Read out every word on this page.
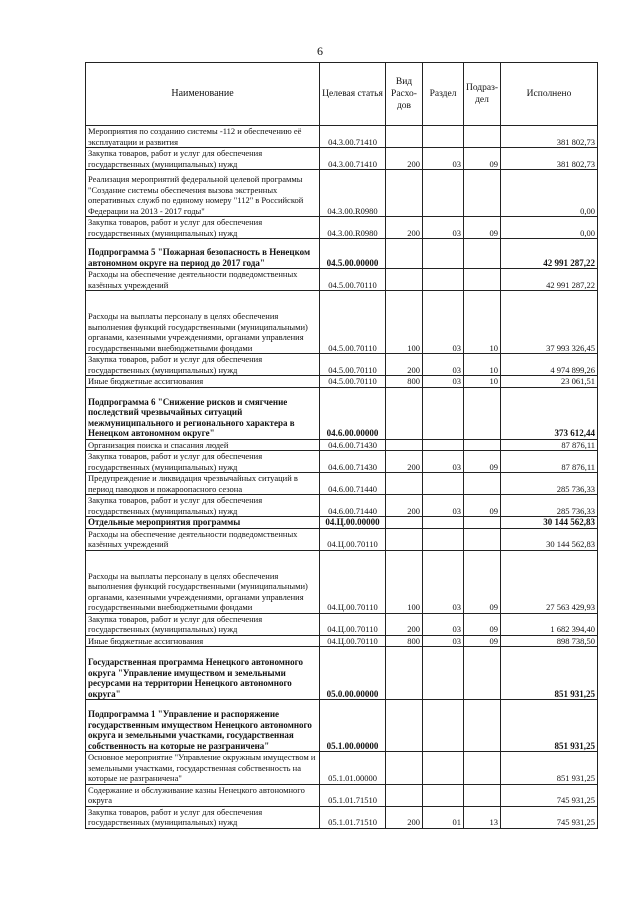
6
Наименование	Целевая статья	Вид Расхо-дов	Раздел	Подраз-дел	Исполнено
Мероприятия по созданию системы -112 и обеспечению её эксплуатации и развития	04.3.00.71410				381 802,73
Закупка товаров, работ и услуг для обеспечения государственных (муниципальных) нужд	04.3.00.71410	200	03	09	381 802,73
Реализация мероприятий федеральной целевой программы "Создание системы обеспечения вызова экстренных оперативных служб по единому номеру "112" в Российской Федерации на 2013 - 2017 годы"	04.3.00.R0980				0,00
Закупка товаров, работ и услуг для обеспечения государственных (муниципальных) нужд	04.3.00.R0980	200	03	09	0,00
Подпрограмма 5 "Пожарная безопасность в Ненецком автономном округе на период до 2017 года"	04.5.00.00000				42 991 287,22
Расходы на обеспечение деятельности подведомственных казённых учреждений	04.5.00.70110				42 991 287,22
Расходы на выплаты персоналу в целях обеспечения выполнения функций государственными (муниципальными) органами, казенными учреждениями, органами управления государственными внебюджетными фондами	04.5.00.70110	100	03	10	37 993 326,45
Закупка товаров, работ и услуг для обеспечения государственных (муниципальных) нужд	04.5.00.70110	200	03	10	4 974 899,26
Иные бюджетные ассигнования	04.5.00.70110	800	03	10	23 061,51
Подпрограмма 6 "Снижение рисков и смягчение последствий чрезвычайных ситуаций межмуниципального и регионального характера в Ненецком автономном округе"	04.6.00.00000				373 612,44
Организация поиска и спасания людей	04.6.00.71430				87 876,11
Закупка товаров, работ и услуг для обеспечения государственных (муниципальных) нужд	04.6.00.71430	200	03	09	87 876,11
Предупреждение и ликвидация чрезвычайных ситуаций в период паводков и пожароопасного сезона	04.6.00.71440				285 736,33
Закупка товаров, работ и услуг для обеспечения государственных (муниципальных) нужд	04.6.00.71440	200	03	09	285 736,33
Отдельные мероприятия программы	04.Ц.00.00000				30 144 562,83
Расходы на обеспечение деятельности подведомственных казённых учреждений	04.Ц.00.70110				30 144 562,83
Расходы на выплаты персоналу в целях обеспечения выполнения функций государственными (муниципальными) органами, казенными учреждениями, органами управления государственными внебюджетными фондами	04.Ц.00.70110	100	03	09	27 563 429,93
Закупка товаров, работ и услуг для обеспечения государственных (муниципальных) нужд	04.Ц.00.70110	200	03	09	1 682 394,40
Иные бюджетные ассигнования	04.Ц.00.70110	800	03	09	898 738,50
Государственная программа Ненецкого автономного округа "Управление имуществом и земельными ресурсами на территории Ненецкого автономного округа"	05.0.00.00000				851 931,25
Подпрограмма 1 "Управление и распоряжение государственным имуществом Ненецкого автономного округа и земельными участками, государственная собственность на которые не разграничена"	05.1.00.00000				851 931,25
Основное мероприятие "Управление окружным имуществом и земельными участками, государственная собственность на которые не разграничена"	05.1.01.00000				851 931,25
Содержание и обслуживание казны Ненецкого автономного округа	05.1.01.71510				745 931,25
Закупка товаров, работ и услуг для обеспечения государственных (муниципальных) нужд	05.1.01.71510	200	01	13	745 931,25
